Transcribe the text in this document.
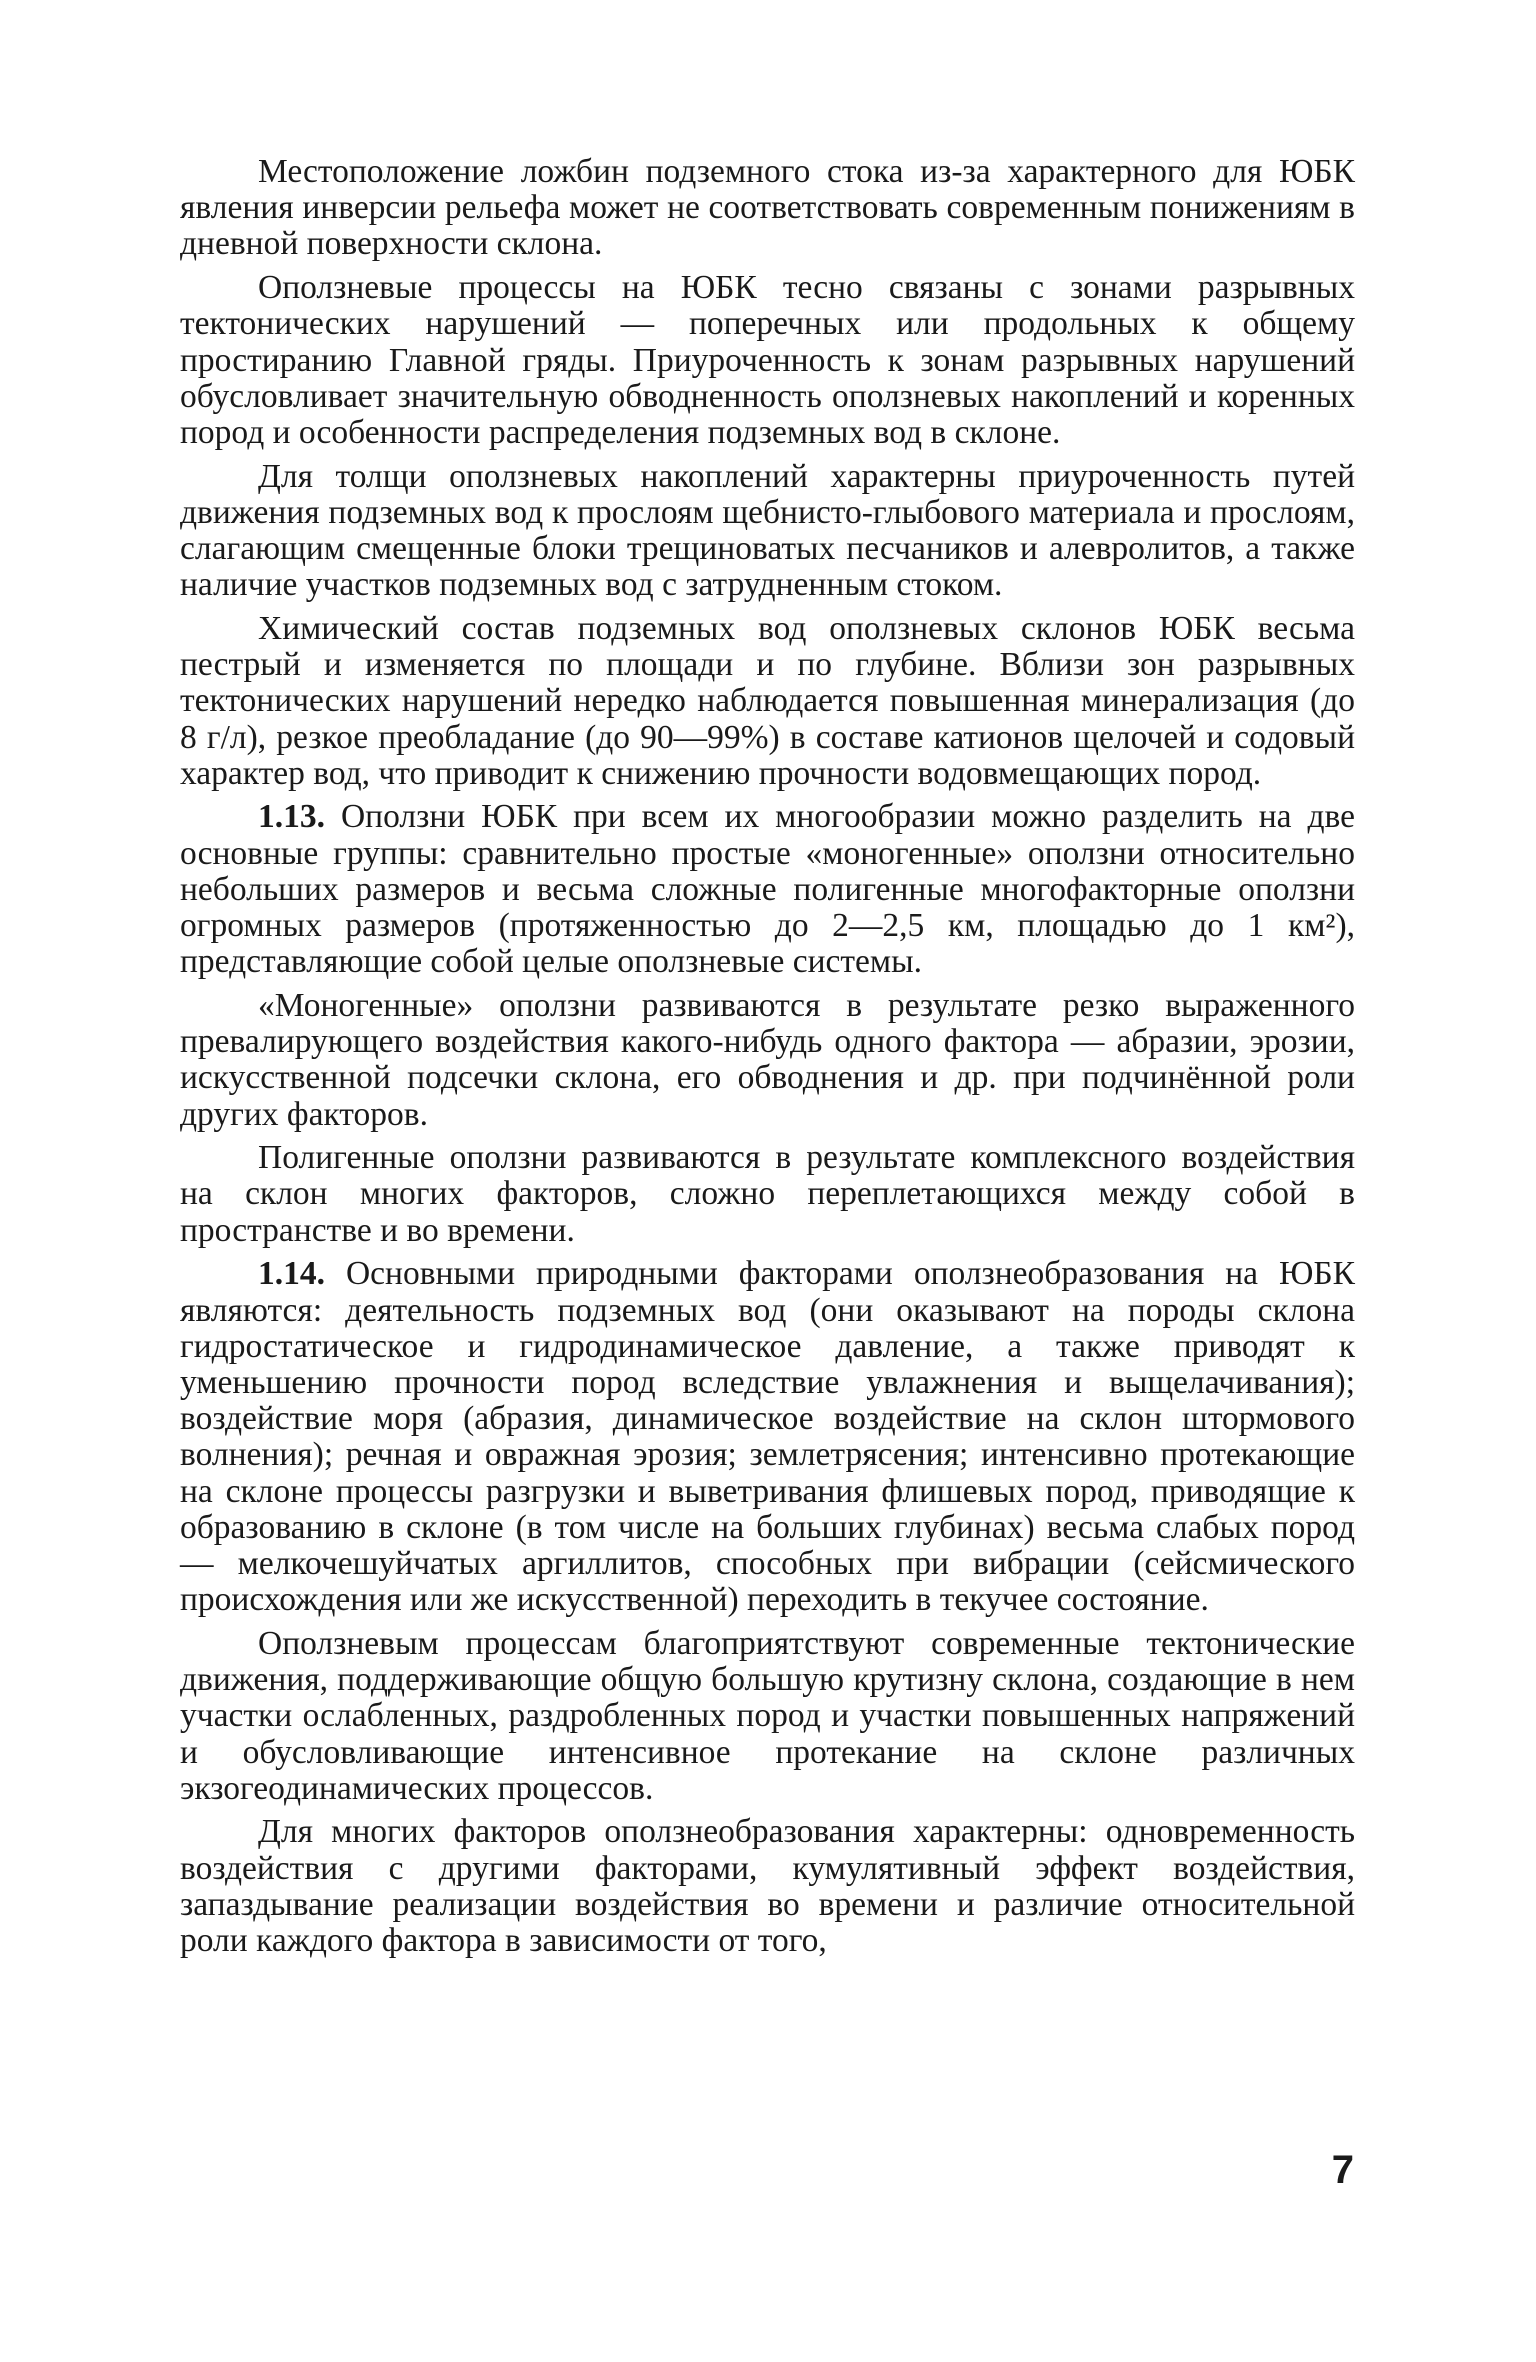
Местоположение ложбин подземного стока из-за характерного для ЮБК явления инверсии рельефа может не соответствовать современным понижениям в дневной поверхности склона.

Оползневые процессы на ЮБК тесно связаны с зонами разрывных тектонических нарушений — поперечных или продольных к общему простиранию Главной гряды. Приуроченность к зонам разрывных нарушений обусловливает значительную обводненность оползневых накоплений и коренных пород и особенности распределения подземных вод в склоне.

Для толщи оползневых накоплений характерны приуроченность путей движения подземных вод к прослоям щебнисто-глыбового материала и прослоям, слагающим смещенные блоки трещиноватых песчаников и алевролитов, а также наличие участков подземных вод с затрудненным стоком.

Химический состав подземных вод оползневых склонов ЮБК весьма пестрый и изменяется по площади и по глубине. Вблизи зон разрывных тектонических нарушений нередко наблюдается повышенная минерализация (до 8 г/л), резкое преобладание (до 90—99%) в составе катионов щелочей и содовый характер вод, что приводит к снижению прочности водовмещающих пород.

1.13. Оползни ЮБК при всем их многообразии можно разделить на две основные группы: сравнительно простые «моногенные» оползни относительно небольших размеров и весьма сложные полигенные многофакторные оползни огромных размеров (протяженностью до 2—2,5 км, площадью до 1 км²), представляющие собой целые оползневые системы.

«Моногенные» оползни развиваются в результате резко выраженного превалирующего воздействия какого-нибудь одного фактора — абразии, эрозии, искусственной подсечки склона, его обводнения и др. при подчинённой роли других факторов.

Полигенные оползни развиваются в результате комплексного воздействия на склон многих факторов, сложно переплетающихся между собой в пространстве и во времени.

1.14. Основными природными факторами оползнеобразования на ЮБК являются: деятельность подземных вод (они оказывают на породы склона гидростатическое и гидродинамическое давление, а также приводят к уменьшению прочности пород вследствие увлажнения и выщелачивания); воздействие моря (абразия, динамическое воздействие на склон штормового волнения); речная и овражная эрозия; землетрясения; интенсивно протекающие на склоне процессы разгрузки и выветривания флишевых пород, приводящие к образованию в склоне (в том числе на больших глубинах) весьма слабых пород — мелкочешуйчатых аргиллитов, способных при вибрации (сейсмического происхождения или же искусственной) переходить в текучее состояние.

Оползневым процессам благоприятствуют современные тектонические движения, поддерживающие общую большую крутизну склона, создающие в нем участки ослабленных, раздробленных пород и участки повышенных напряжений и обусловливающие интенсивное протекание на склоне различных экзогеодинамических процессов.

Для многих факторов оползнеобразования характерны: одновременность воздействия с другими факторами, кумулятивный эффект воздействия, запаздывание реализации воздействия во времени и различие относительной роли каждого фактора в зависимости от того,

7
